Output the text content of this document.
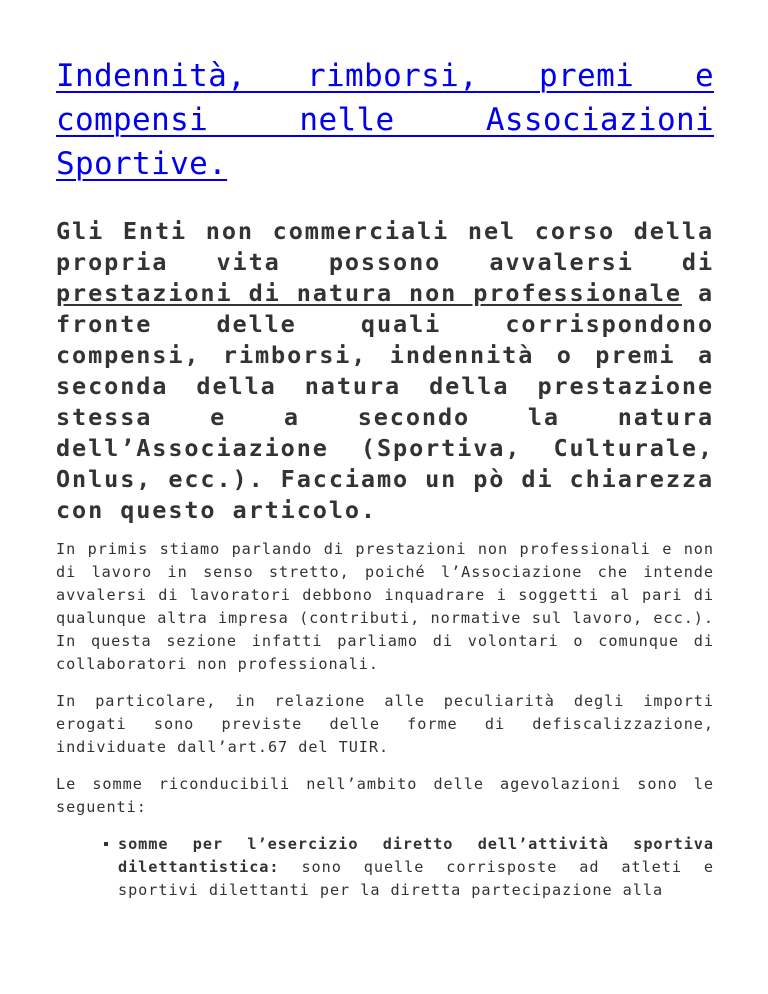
Indennità, rimborsi, premi e compensi nelle Associazioni Sportive.

Gli Enti non commerciali nel corso della propria vita possono avvalersi di prestazioni di natura non professionale a fronte delle quali corrispondono compensi, rimborsi, indennità o premi a seconda della natura della prestazione stessa e a secondo la natura dell’Associazione (Sportiva, Culturale, Onlus, ecc.). Facciamo un pò di chiarezza con questo articolo.

In primis stiamo parlando di prestazioni non professionali e non di lavoro in senso stretto, poiché l’Associazione che intende avvalersi di lavoratori debbono inquadrare i soggetti al pari di qualunque altra impresa (contributi, normative sul lavoro, ecc.). In questa sezione infatti parliamo di volontari o comunque di collaboratori non professionali.

In particolare, in relazione alle peculiarità degli importi erogati sono previste delle forme di defiscalizzazione, individuate dall’art.67 del TUIR.

Le somme riconducibili nell’ambito delle agevolazioni sono le seguenti:

somme per l’esercizio diretto dell’attività sportiva dilettantistica: sono quelle corrisposte ad atleti e sportivi dilettanti per la diretta partecipazione alla
